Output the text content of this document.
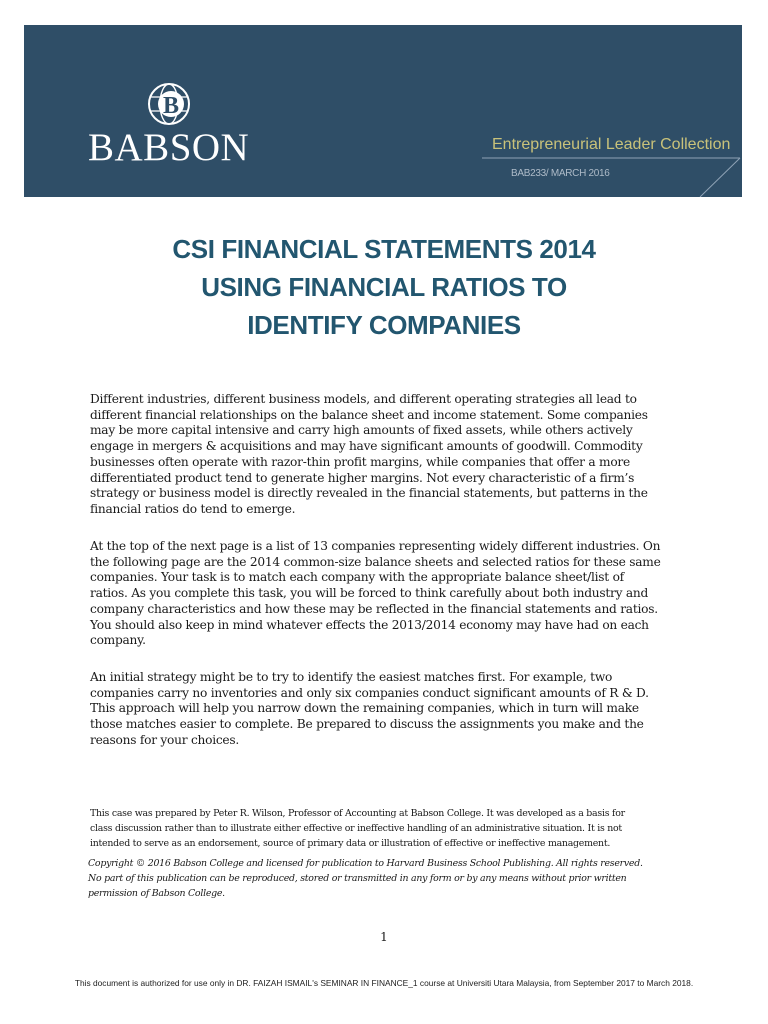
B
BABSON	Entrepreneurial Leader Collection
BAB233/ MARCH 2016
CSI FINANCIAL STATEMENTS 2014
USING FINANCIAL RATIOS TO
IDENTIFY COMPANIES
Different industries, different business models, and different operating strategies all lead to
different financial relationships on the balance sheet and income statement. Some companies
may be more capital intensive and carry high amounts of fixed assets, while others actively
engage in mergers & acquisitions and may have significant amounts of goodwill. Commodity
businesses often operate with razor-thin profit margins, while companies that offer a more
differentiated product tend to generate higher margins. Not every characteristic of a firm’s
strategy or business model is directly revealed in the financial statements, but patterns in the
financial ratios do tend to emerge.
At the top of the next page is a list of 13 companies representing widely different industries. On
the following page are the 2014 common-size balance sheets and selected ratios for these same
companies. Your task is to match each company with the appropriate balance sheet/list of
ratios. As you complete this task, you will be forced to think carefully about both industry and
company characteristics and how these may be reflected in the financial statements and ratios.
You should also keep in mind whatever effects the 2013/2014 economy may have had on each
company.
An initial strategy might be to try to identify the easiest matches first. For example, two
companies carry no inventories and only six companies conduct significant amounts of R & D.
This approach will help you narrow down the remaining companies, which in turn will make
those matches easier to complete. Be prepared to discuss the assignments you make and the
reasons for your choices.
This case was prepared by Peter R. Wilson, Professor of Accounting at Babson College. It was developed as a basis for
class discussion rather than to illustrate either effective or ineffective handling of an administrative situation. It is not
intended to serve as an endorsement, source of primary data or illustration of effective or ineffective management.
Copyright © 2016 Babson College and licensed for publication to Harvard Business School Publishing. All rights reserved.
No part of this publication can be reproduced, stored or transmitted in any form or by any means without prior written
permission of Babson College.
1
This document is authorized for use only in DR. FAIZAH ISMAIL's SEMINAR IN FINANCE_1 course at Universiti Utara Malaysia, from September 2017 to March 2018.
